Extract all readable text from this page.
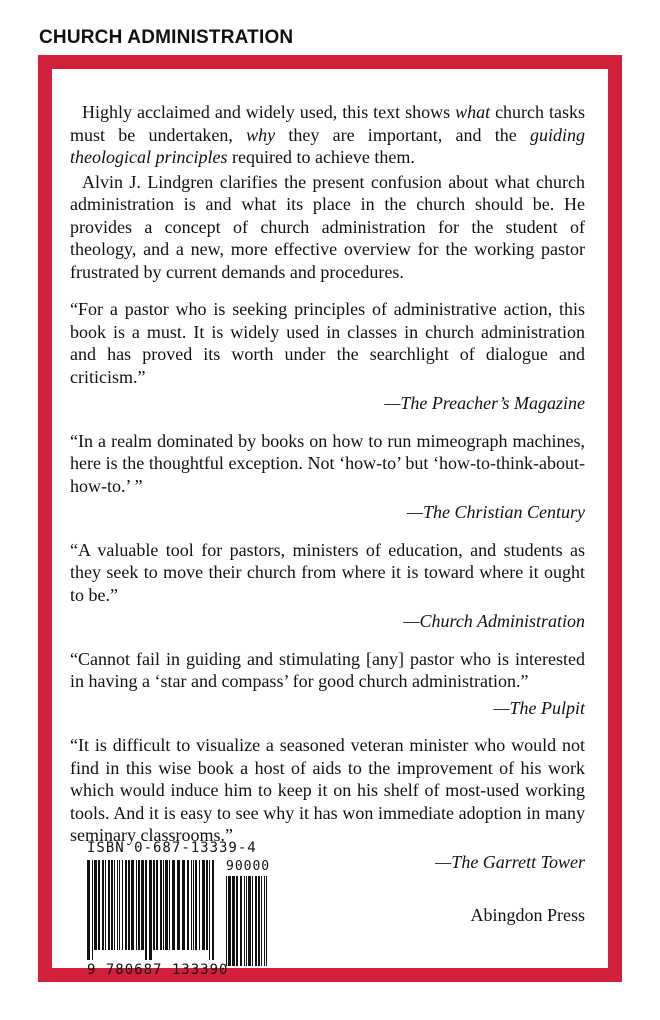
CHURCH ADMINISTRATION

Highly acclaimed and widely used, this text shows what church tasks must be undertaken, why they are important, and the guiding theological principles required to achieve them.

Alvin J. Lindgren clarifies the present confusion about what church administration is and what its place in the church should be. He provides a concept of church administration for the student of theology, and a new, more effective overview for the working pastor frustrated by current demands and procedures.

“For a pastor who is seeking principles of administrative action, this book is a must. It is widely used in classes in church administration and has proved its worth under the searchlight of dialogue and criticism.”

—The Preacher’s Magazine

“In a realm dominated by books on how to run mimeograph machines, here is the thoughtful exception. Not ‘how-to’ but ‘how-to-think-about-how-to.’ ”

—The Christian Century

“A valuable tool for pastors, ministers of education, and students as they seek to move their church from where it is toward where it ought to be.”

—Church Administration

“Cannot fail in guiding and stimulating [any] pastor who is interested in having a ‘star and compass’ for good church administration.”

—The Pulpit

“It is difficult to visualize a seasoned veteran minister who would not find in this wise book a host of aids to the improvement of his work which would induce him to keep it on his shelf of most-used working tools. And it is easy to see why it has won immediate adoption in many seminary classrooms.”

—The Garrett Tower
ISBN 0-687-13339-4
90000
9 780687 133390
Abingdon Press
